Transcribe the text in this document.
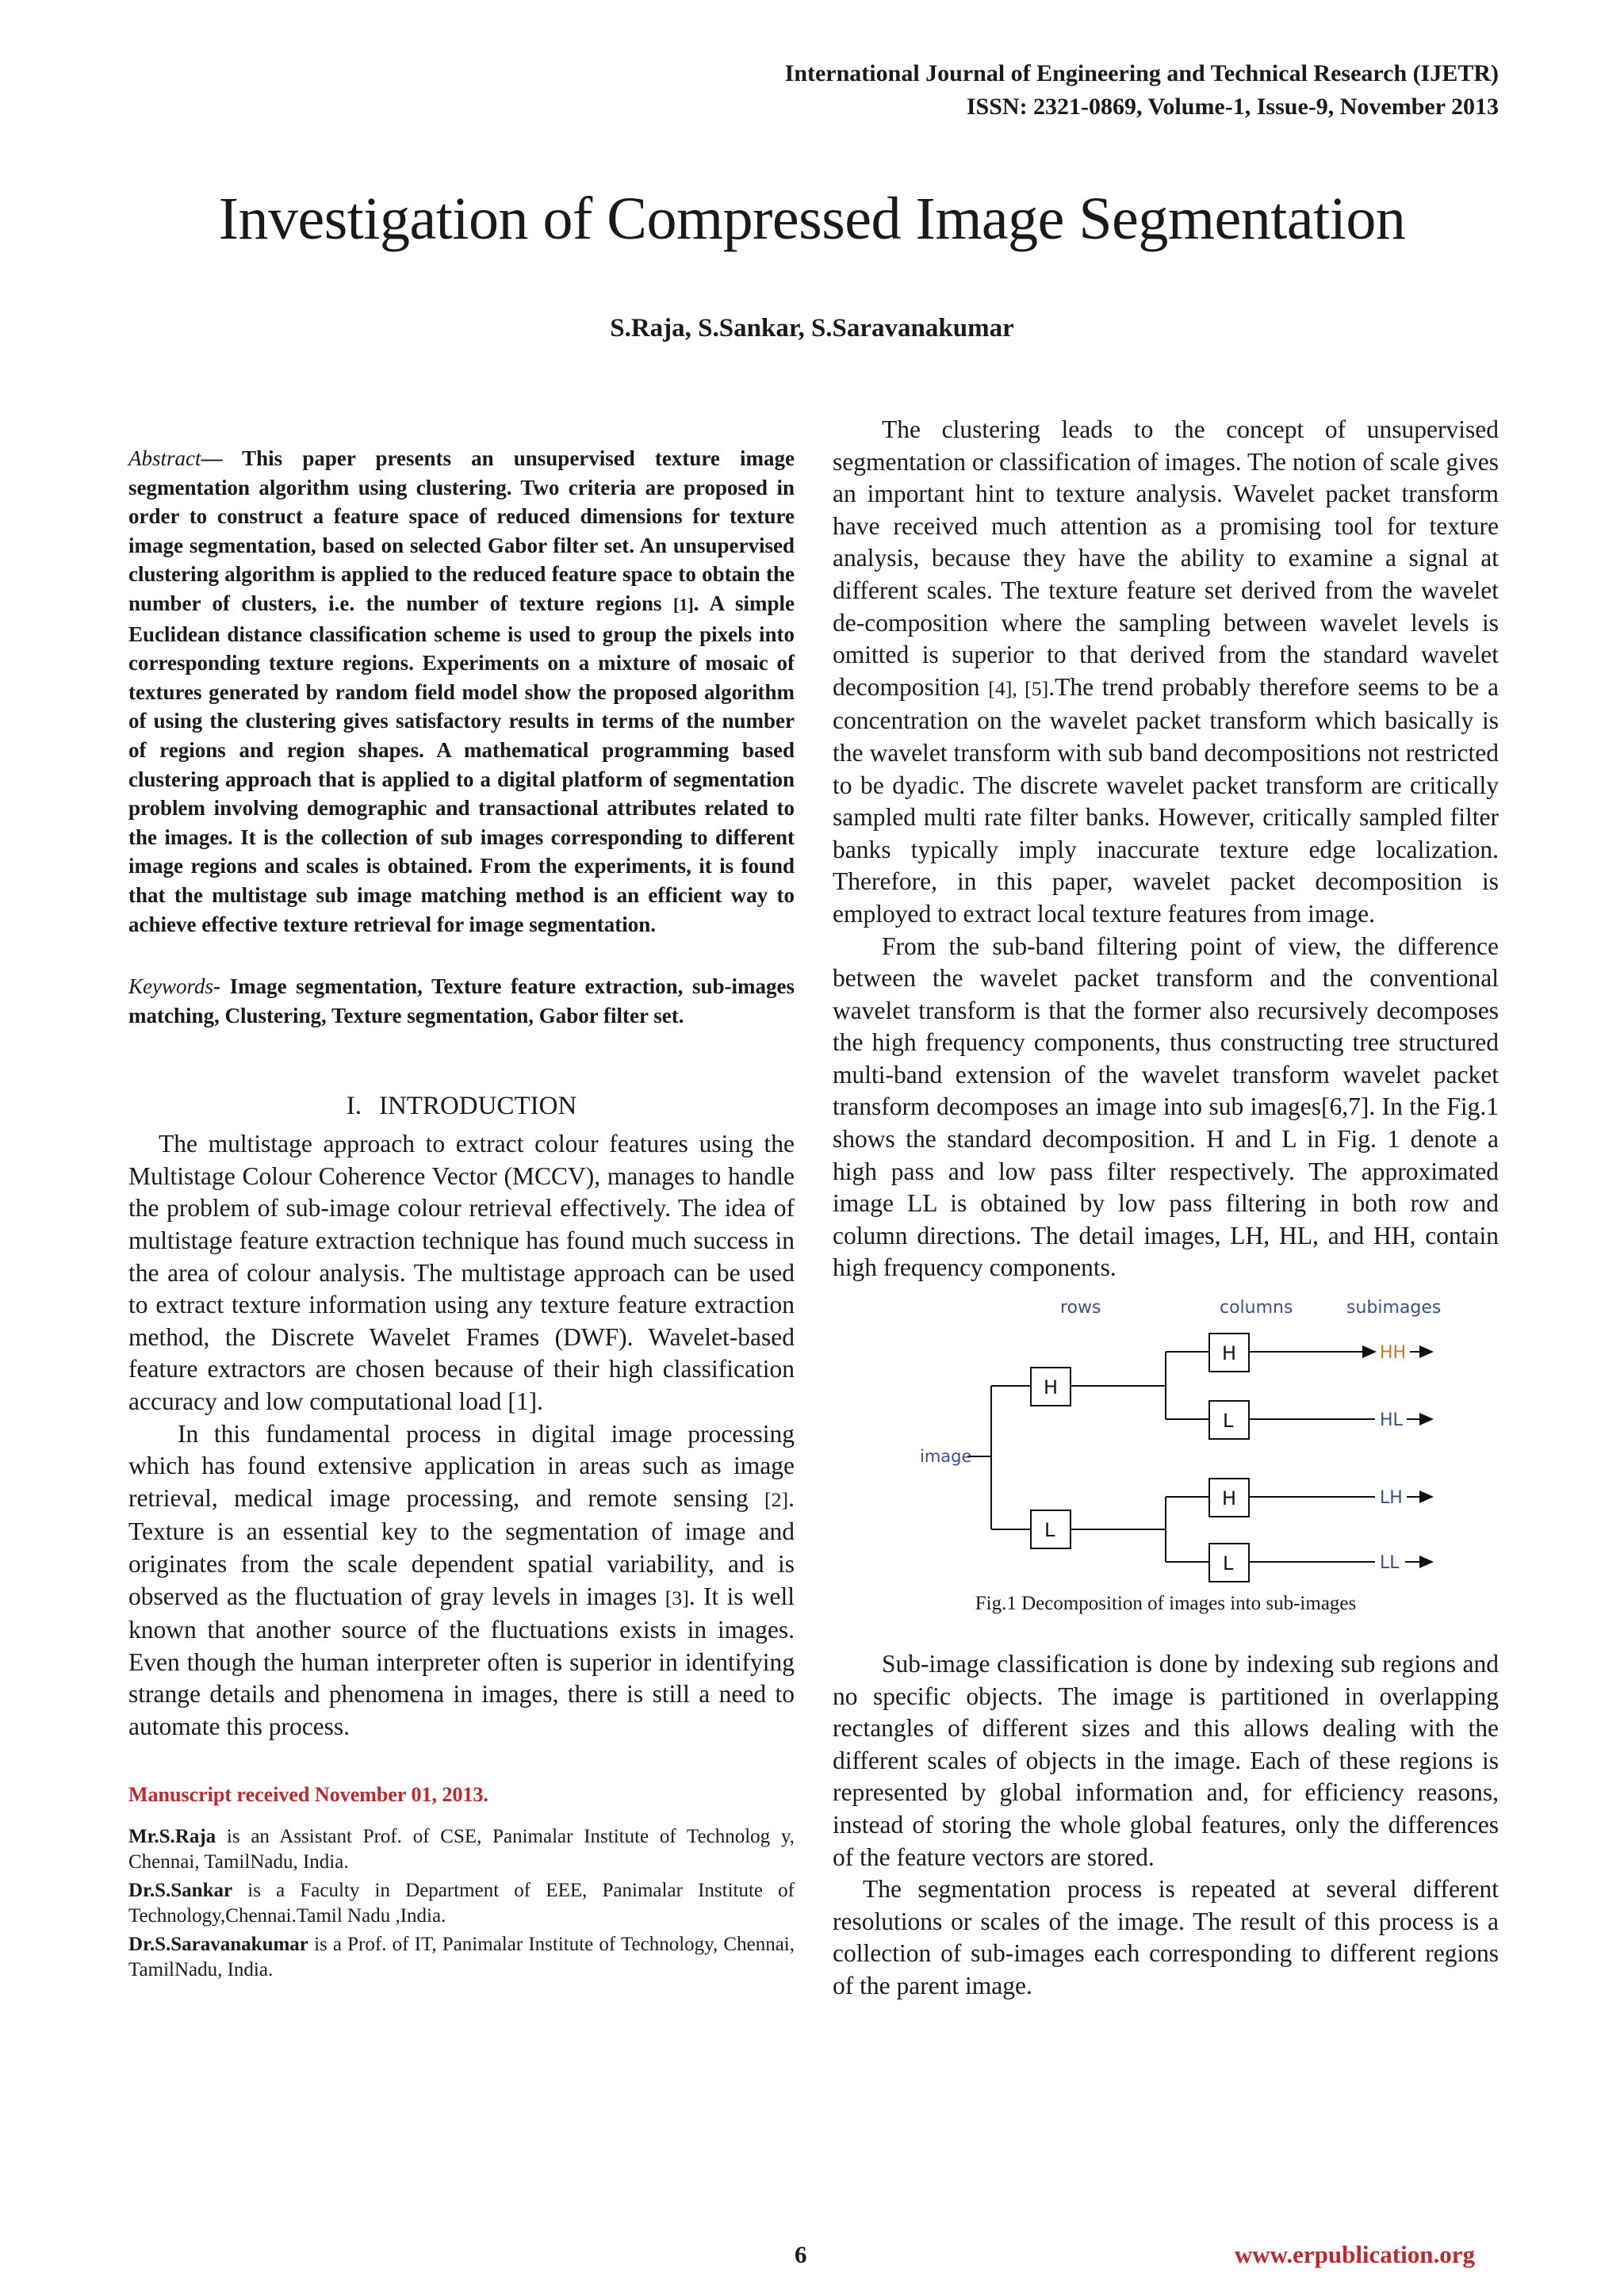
International Journal of Engineering and Technical Research (IJETR)
ISSN: 2321-0869, Volume-1, Issue-9, November 2013
Investigation of Compressed Image Segmentation
S.Raja, S.Sankar, S.Saravanakumar

Abstract— This paper presents an unsupervised texture image segmentation algorithm using clustering. Two criteria are proposed in order to construct a feature space of reduced dimensions for texture image segmentation, based on selected Gabor filter set. An unsupervised clustering algorithm is applied to the reduced feature space to obtain the number of clusters, i.e. the number of texture regions [1]. A simple Euclidean distance classification scheme is used to group the pixels into corresponding texture regions. Experiments on a mixture of mosaic of textures generated by random field model show the proposed algorithm of using the clustering gives satisfactory results in terms of the number of regions and region shapes. A mathematical programming based clustering approach that is applied to a digital platform of segmentation problem involving demographic and transactional attributes related to the images. It is the collection of sub images corresponding to different image regions and scales is obtained. From the experiments, it is found that the multistage sub image matching method is an efficient way to achieve effective texture retrieval for image segmentation.

Keywords- Image segmentation, Texture feature extraction, sub-images matching, Clustering, Texture segmentation, Gabor filter set.

I. INTRODUCTION

The multistage approach to extract colour features using the Multistage Colour Coherence Vector (MCCV), manages to handle the problem of sub-image colour retrieval effectively. The idea of multistage feature extraction technique has found much success in the area of colour analysis. The multistage approach can be used to extract texture information using any texture feature extraction method, the Discrete Wavelet Frames (DWF). Wavelet-based feature extractors are chosen because of their high classification accuracy and low computational load [1].

In this fundamental process in digital image processing which has found extensive application in areas such as image retrieval, medical image processing, and remote sensing [2]. Texture is an essential key to the segmentation of image and originates from the scale dependent spatial variability, and is observed as the fluctuation of gray levels in images [3]. It is well known that another source of the fluctuations exists in images. Even though the human interpreter often is superior in identifying strange details and phenomena in images, there is still a need to automate this process.

Manuscript received November 01, 2013.

Mr.S.Raja is an Assistant Prof. of CSE, Panimalar Institute of Technolog y, Chennai, TamilNadu, India.

Dr.S.Sankar is a Faculty in Department of EEE, Panimalar Institute of Technology,Chennai.Tamil Nadu ,India.

Dr.S.Saravanakumar is a Prof. of IT, Panimalar Institute of Technology, Chennai, TamilNadu, India.

The clustering leads to the concept of unsupervised segmentation or classification of images. The notion of scale gives an important hint to texture analysis. Wavelet packet transform have received much attention as a promising tool for texture analysis, because they have the ability to examine a signal at different scales. The texture feature set derived from the wavelet de-composition where the sampling between wavelet levels is omitted is superior to that derived from the standard wavelet decomposition [4], [5].The trend probably therefore seems to be a concentration on the wavelet packet transform which basically is the wavelet transform with sub band decompositions not restricted to be dyadic. The discrete wavelet packet transform are critically sampled multi rate filter banks. However, critically sampled filter banks typically imply inaccurate texture edge localization. Therefore, in this paper, wavelet packet decomposition is employed to extract local texture features from image.

From the sub-band filtering point of view, the difference between the wavelet packet transform and the conventional wavelet transform is that the former also recursively decomposes the high frequency components, thus constructing tree structured multi-band extension of the wavelet transform wavelet packet transform decomposes an image into sub images[6,7]. In the Fig.1 shows the standard decomposition. H and L in Fig. 1 denote a high pass and low pass filter respectively. The approximated image LL is obtained by low pass filtering in both row and column directions. The detail images, LH, HL, and HH, contain high frequency components.

rows	columns	subimages
image
H
L
H
L
H
L
HH
HL
LH
LL
Fig.1 Decomposition of images into sub-images

Sub-image classification is done by indexing sub regions and no specific objects. The image is partitioned in overlapping rectangles of different sizes and this allows dealing with the different scales of objects in the image. Each of these regions is represented by global information and, for efficiency reasons, instead of storing the whole global features, only the differences of the feature vectors are stored.

The segmentation process is repeated at several different resolutions or scales of the image. The result of this process is a collection of sub-images each corresponding to different regions of the parent image.

6	www.erpublication.org
